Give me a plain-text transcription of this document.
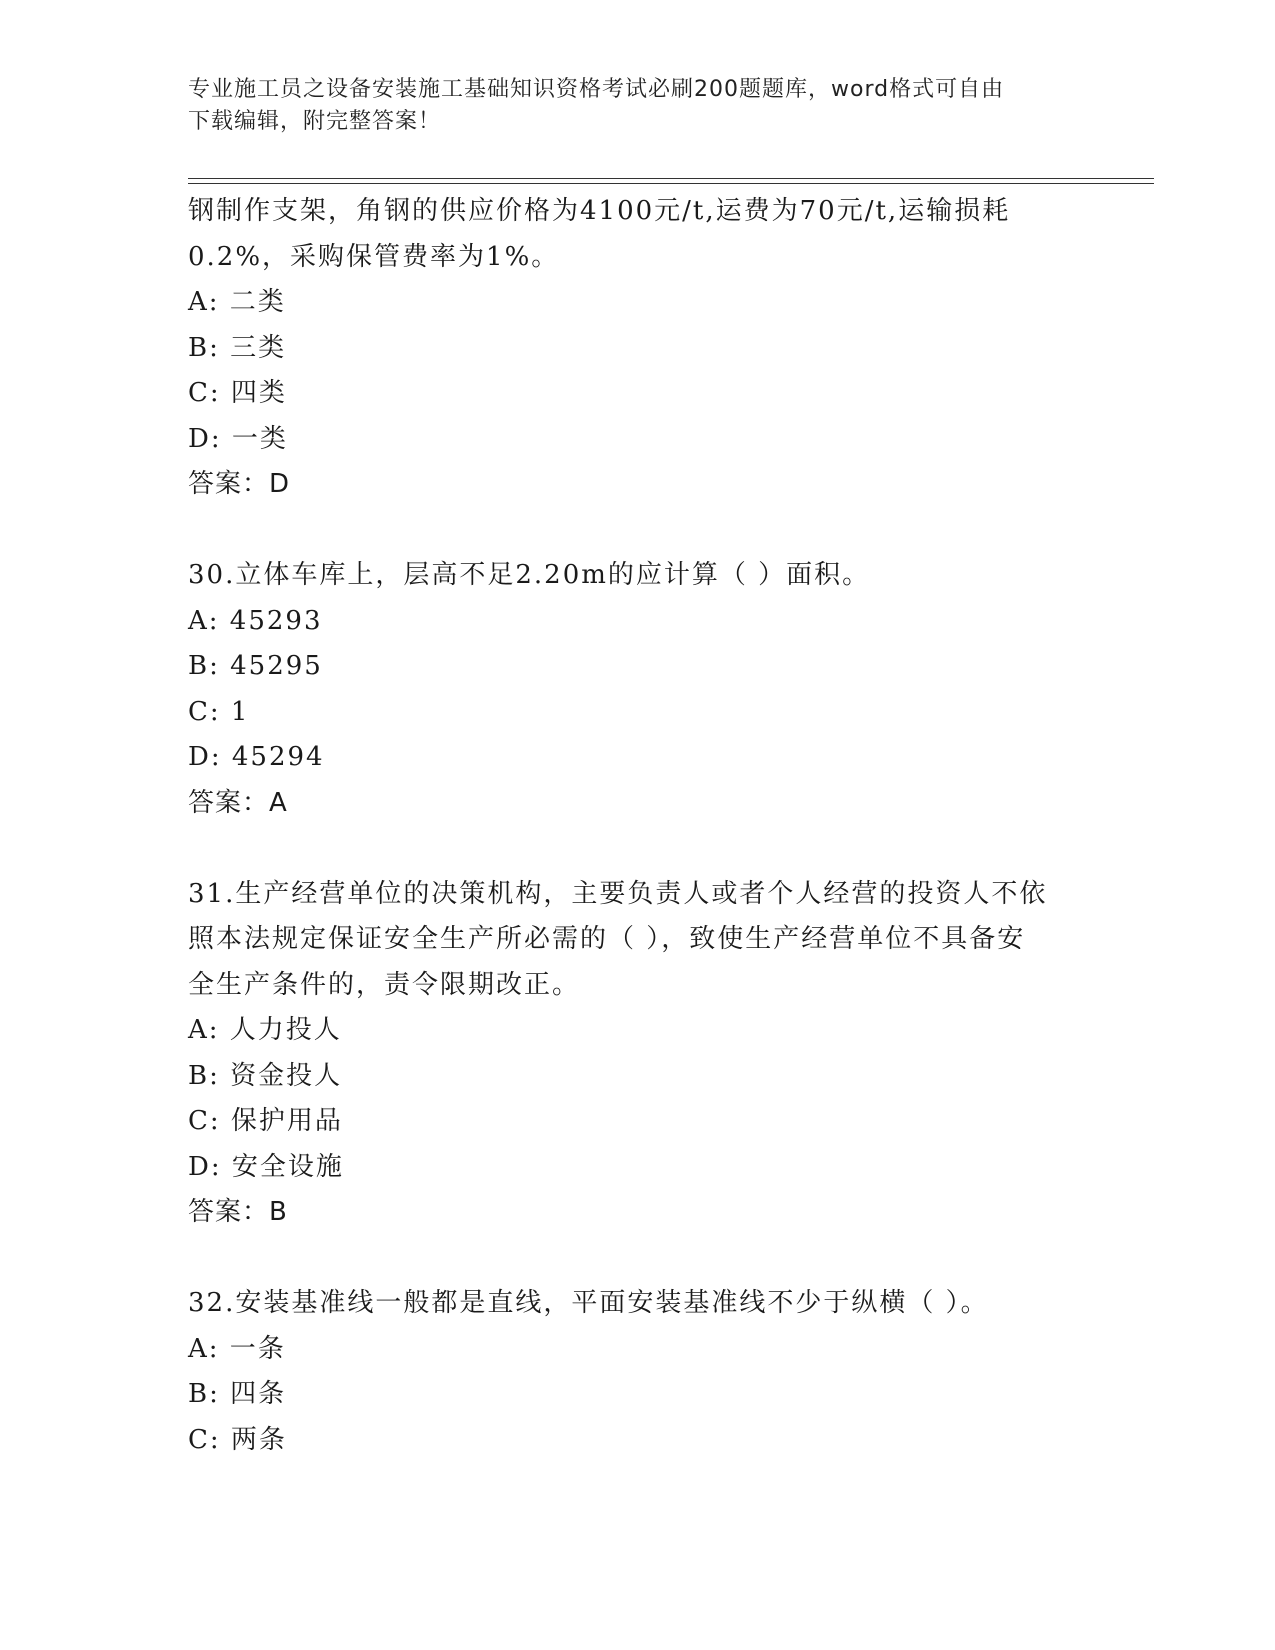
专业施工员之设备安装施工基础知识资格考试必刷200题题库，word格式可自由
下载编辑，附完整答案！
钢制作支架，角钢的供应价格为4100元/t,运费为70元/t,运输损耗
0.2%，采购保管费率为1%。
A: 二类
B: 三类
C: 四类
D: 一类
答案：D
30.立体车库上，层高不足2.20m的应计算（ ）面积。
A: 45293
B: 45295
C: 1
D: 45294
答案：A
31.生产经营单位的决策机构，主要负责人或者个人经营的投资人不依
照本法规定保证安全生产所必需的（ ），致使生产经营单位不具备安
全生产条件的，责令限期改正。
A: 人力投人
B: 资金投人
C: 保护用品
D: 安全设施
答案：B
32.安装基准线一般都是直线，平面安装基准线不少于纵横（ ）。
A: 一条
B: 四条
C: 两条
